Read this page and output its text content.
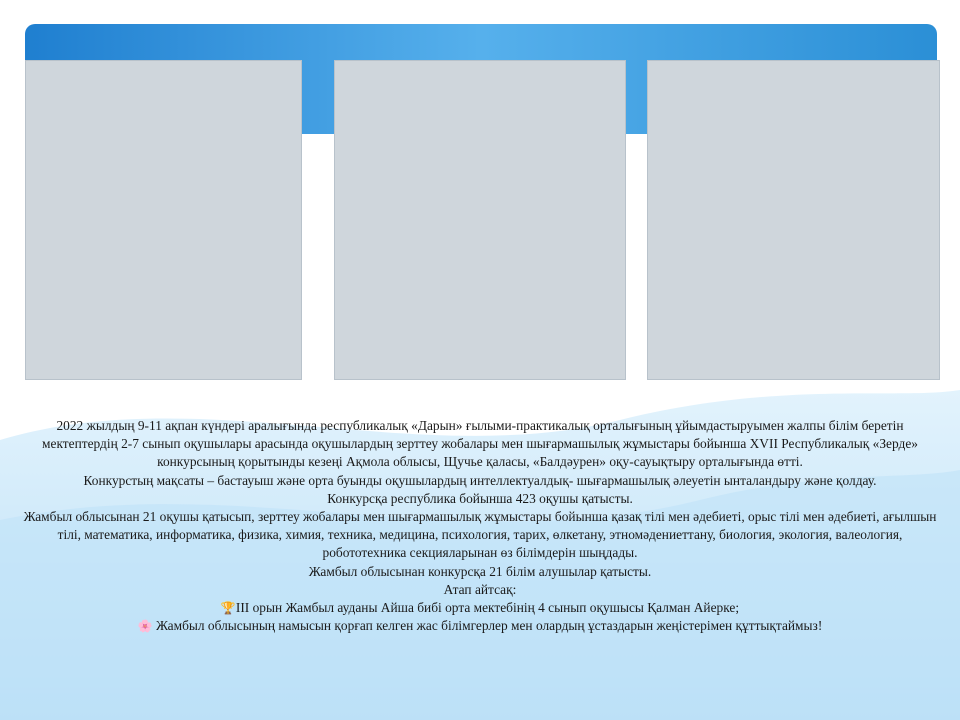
2022 жылдың 9-11 ақпан күндері аралығында республикалық «Дарын» ғылыми-практикалық орталығының ұйымдастыруымен жалпы білім беретін мектептердің 2-7 сынып оқушылары арасында оқушылардың зерттеу жобалары мен шығармашылық жұмыстары бойынша XVII Республикалық «Зерде» конкурсының қорытынды кезеңі Ақмола облысы, Щучье қаласы, «Балдәурен» оқу-сауықтыру орталығында өтті.

Конкурстың мақсаты – бастауыш және орта буынды оқушылардың интеллектуалдық- шығармашылық әлеуетін ынталандыру және қолдау.

Конкурсқа республика бойынша 423 оқушы қатысты.

Жамбыл облысынан 21 оқушы қатысып, зерттеу жобалары мен шығармашылық жұмыстары бойынша қазақ тілі мен әдебиеті, орыс тілі мен әдебиеті, ағылшын тілі, математика, информатика, физика, химия, техника, медицина, психология, тарих, өлкетану, этномәдениеттану, биология, экология, валеология, робототехника секцияларынан өз білімдерін шыңдады.

Жамбыл облысынан конкурсқа 21 білім алушылар қатысты.

Атап айтсақ:

🏆III орын Жамбыл ауданы Айша бибі орта мектебінің 4 сынып оқушысы Қалман Айерке;

🌸 Жамбыл облысының намысын қорғап келген жас білімгерлер мен олардың ұстаздарын жеңістерімен құттықтаймыз!
